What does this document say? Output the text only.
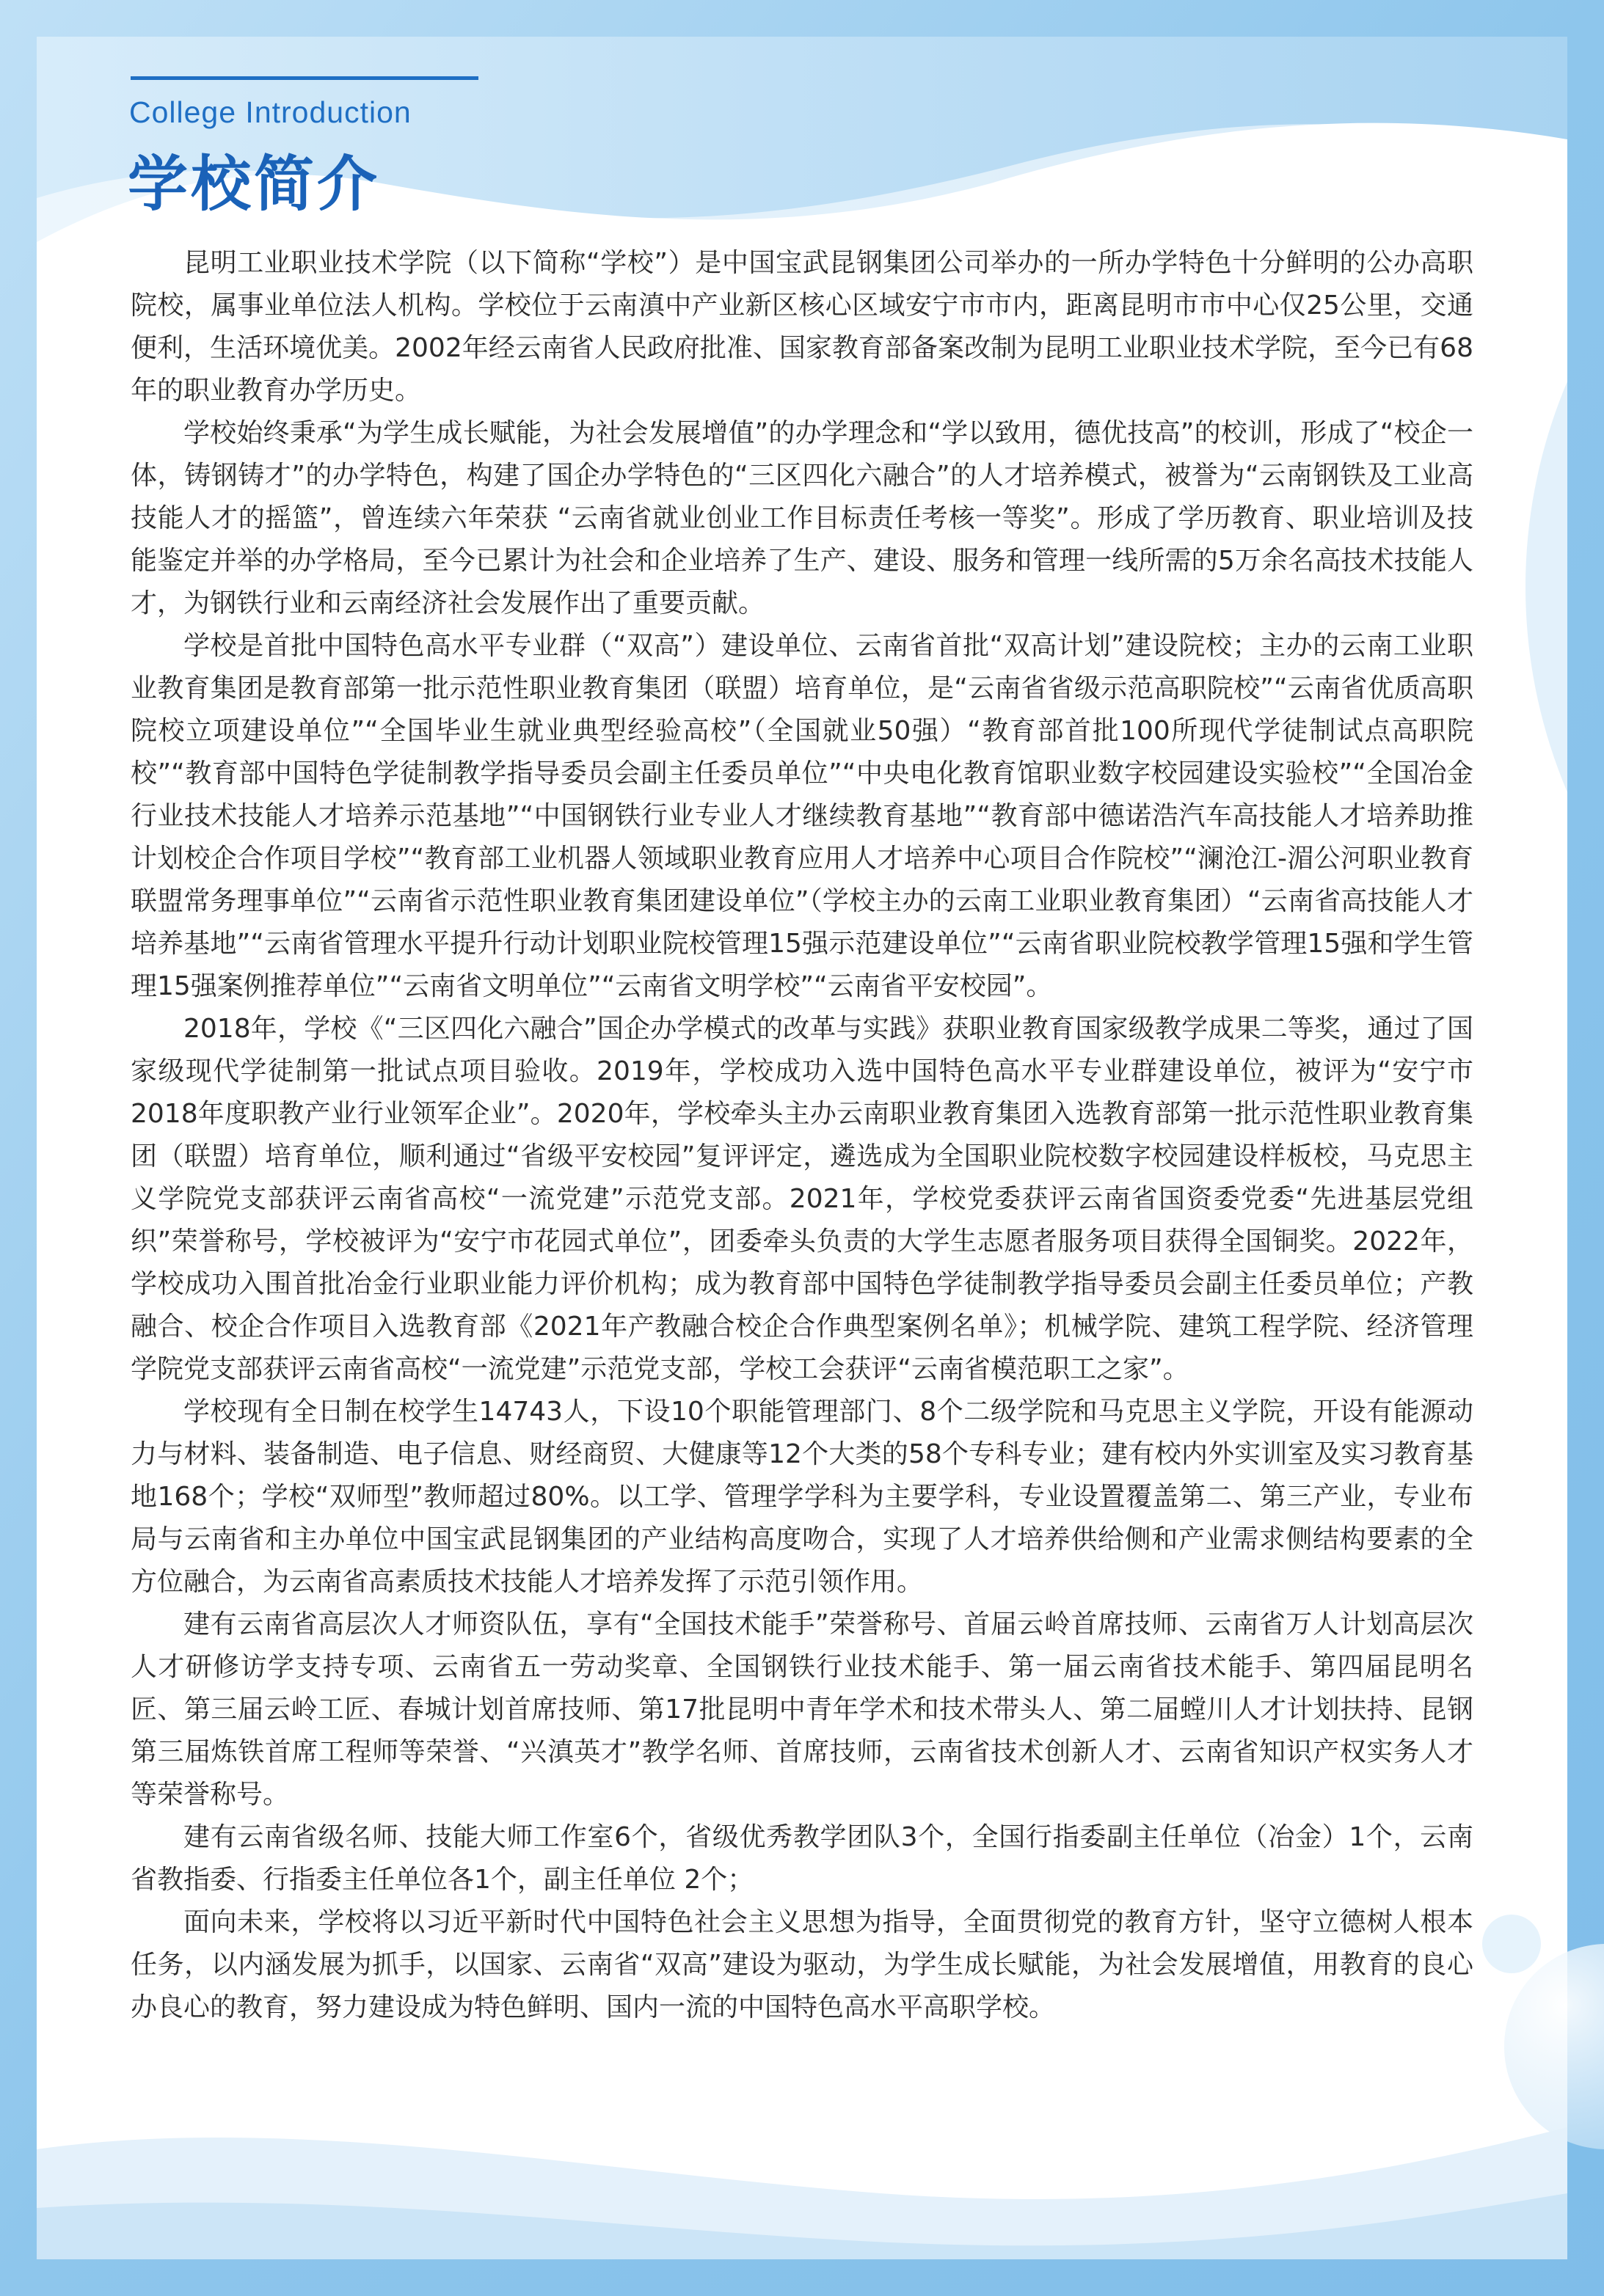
College Introduction
学校简介

昆明工业职业技术学院（以下简称“学校”）是中国宝武昆钢集团公司举办的一所办学特色十分鲜明的公办高职院校，属事业单位法人机构。学校位于云南滇中产业新区核心区域安宁市市内，距离昆明市市中心仅25公里，交通便利，生活环境优美。2002年经云南省人民政府批准、国家教育部备案改制为昆明工业职业技术学院，至今已有68年的职业教育办学历史。

学校始终秉承“为学生成长赋能，为社会发展增值”的办学理念和“学以致用，德优技高”的校训，形成了“校企一体，铸钢铸才”的办学特色，构建了国企办学特色的“三区四化六融合”的人才培养模式，被誉为“云南钢铁及工业高技能人才的摇篮”，曾连续六年荣获 “云南省就业创业工作目标责任考核一等奖”。形成了学历教育、职业培训及技能鉴定并举的办学格局，至今已累计为社会和企业培养了生产、建设、服务和管理一线所需的5万余名高技术技能人才，为钢铁行业和云南经济社会发展作出了重要贡献。

学校是首批中国特色高水平专业群（“双高”）建设单位、云南省首批“双高计划”建设院校；主办的云南工业职业教育集团是教育部第一批示范性职业教育集团（联盟）培育单位，是“云南省省级示范高职院校”“云南省优质高职院校立项建设单位”“全国毕业生就业典型经验高校”（全国就业50强）“教育部首批100所现代学徒制试点高职院校”“教育部中国特色学徒制教学指导委员会副主任委员单位”“中央电化教育馆职业数字校园建设实验校”“全国冶金行业技术技能人才培养示范基地”“中国钢铁行业专业人才继续教育基地”“教育部中德诺浩汽车高技能人才培养助推计划校企合作项目学校”“教育部工业机器人领域职业教育应用人才培养中心项目合作院校”“澜沧江-湄公河职业教育联盟常务理事单位”“云南省示范性职业教育集团建设单位”（学校主办的云南工业职业教育集团）“云南省高技能人才培养基地”“云南省管理水平提升行动计划职业院校管理15强示范建设单位”“云南省职业院校教学管理15强和学生管理15强案例推荐单位”“云南省文明单位”“云南省文明学校”“云南省平安校园”。

2018年，学校《“三区四化六融合”国企办学模式的改革与实践》获职业教育国家级教学成果二等奖，通过了国家级现代学徒制第一批试点项目验收。2019年，学校成功入选中国特色高水平专业群建设单位，被评为“安宁市2018年度职教产业行业领军企业”。2020年，学校牵头主办云南职业教育集团入选教育部第一批示范性职业教育集团（联盟）培育单位，顺利通过“省级平安校园”复评评定，遴选成为全国职业院校数字校园建设样板校，马克思主义学院党支部获评云南省高校“一流党建”示范党支部。2021年，学校党委获评云南省国资委党委“先进基层党组织”荣誉称号，学校被评为“安宁市花园式单位”，团委牵头负责的大学生志愿者服务项目获得全国铜奖。2022年，学校成功入围首批冶金行业职业能力评价机构；成为教育部中国特色学徒制教学指导委员会副主任委员单位；产教融合、校企合作项目入选教育部《2021年产教融合校企合作典型案例名单》；机械学院、建筑工程学院、经济管理学院党支部获评云南省高校“一流党建”示范党支部，学校工会获评“云南省模范职工之家”。

学校现有全日制在校学生14743人，下设10个职能管理部门、8个二级学院和马克思主义学院，开设有能源动力与材料、装备制造、电子信息、财经商贸、大健康等12个大类的58个专科专业；建有校内外实训室及实习教育基地168个；学校“双师型”教师超过80%。以工学、管理学学科为主要学科，专业设置覆盖第二、第三产业，专业布局与云南省和主办单位中国宝武昆钢集团的产业结构高度吻合，实现了人才培养供给侧和产业需求侧结构要素的全方位融合，为云南省高素质技术技能人才培养发挥了示范引领作用。

建有云南省高层次人才师资队伍，享有“全国技术能手”荣誉称号、首届云岭首席技师、云南省万人计划高层次人才研修访学支持专项、云南省五一劳动奖章、全国钢铁行业技术能手、第一届云南省技术能手、第四届昆明名匠、第三届云岭工匠、春城计划首席技师、第17批昆明中青年学术和技术带头人、第二届螳川人才计划扶持、昆钢第三届炼铁首席工程师等荣誉、“兴滇英才”教学名师、首席技师，云南省技术创新人才、云南省知识产权实务人才等荣誉称号。

建有云南省级名师、技能大师工作室6个，省级优秀教学团队3个，全国行指委副主任单位（冶金）1个，云南省教指委、行指委主任单位各1个，副主任单位 2个；

面向未来，学校将以习近平新时代中国特色社会主义思想为指导，全面贯彻党的教育方针，坚守立德树人根本任务，以内涵发展为抓手，以国家、云南省“双高”建设为驱动，为学生成长赋能，为社会发展增值，用教育的良心办良心的教育，努力建设成为特色鲜明、国内一流的中国特色高水平高职学校。
